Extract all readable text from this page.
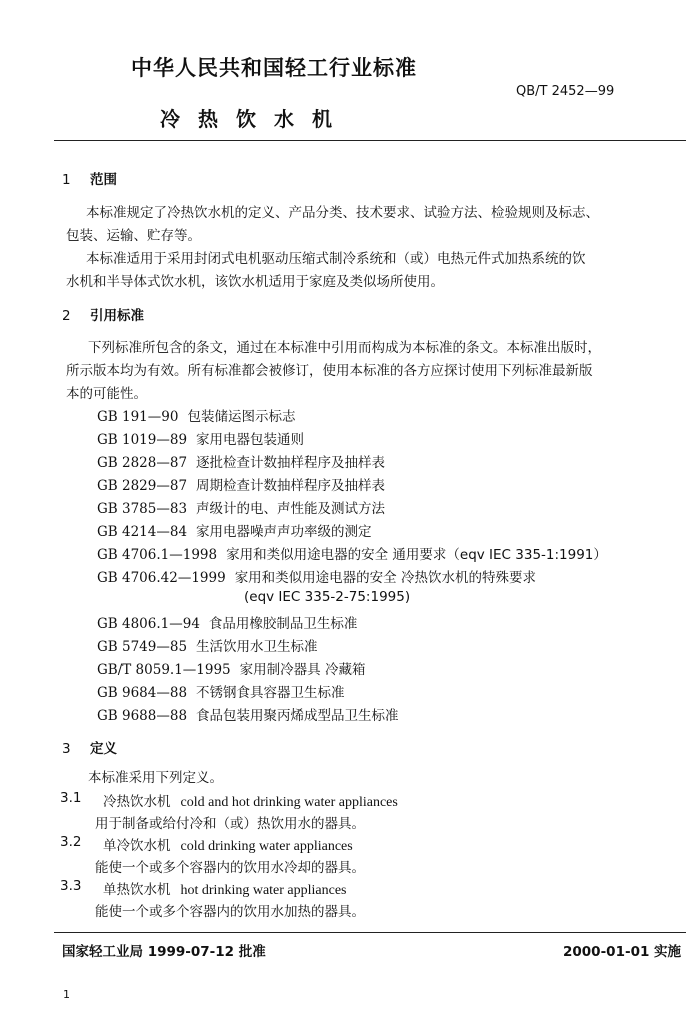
中华人民共和国轻工行业标准
QB/T 2452—99
冷热饮水机
1 范围
本标准规定了冷热饮水机的定义、产品分类、技术要求、试验方法、检验规则及标志、
包装、运输、贮存等。
本标准适用于采用封闭式电机驱动压缩式制冷系统和（或）电热元件式加热系统的饮
水机和半导体式饮水机，该饮水机适用于家庭及类似场所使用。
2 引用标准
下列标准所包含的条文，通过在本标准中引用而构成为本标准的条文。本标准出版时，
所示版本均为有效。所有标准都会被修订，使用本标准的各方应探讨使用下列标准最新版
本的可能性。
GB 191—90 包装储运图示标志
GB 1019—89 家用电器包装通则
GB 2828—87 逐批检查计数抽样程序及抽样表
GB 2829—87 周期检查计数抽样程序及抽样表
GB 3785—83 声级计的电、声性能及测试方法
GB 4214—84 家用电器噪声声功率级的测定
GB 4706.1—1998 家用和类似用途电器的安全 通用要求（eqv IEC 335-1:1991）
GB 4706.42—1999 家用和类似用途电器的安全 冷热饮水机的特殊要求
(eqv IEC 335-2-75:1995)
GB 4806.1—94 食品用橡胶制品卫生标准
GB 5749—85 生活饮用水卫生标准
GB/T 8059.1—1995 家用制冷器具 冷藏箱
GB 9684—88 不锈钢食具容器卫生标准
GB 9688—88 食品包装用聚丙烯成型品卫生标准
3 定义
本标准采用下列定义。
3.1 冷热饮水机 cold and hot drinking water appliances
用于制备或给付冷和（或）热饮用水的器具。
3.2 单冷饮水机 cold drinking water appliances
能使一个或多个容器内的饮用水冷却的器具。
3.3 单热饮水机 hot drinking water appliances
能使一个或多个容器内的饮用水加热的器具。
国家轻工业局 1999-07-12 批准	2000-01-01 实施
1
